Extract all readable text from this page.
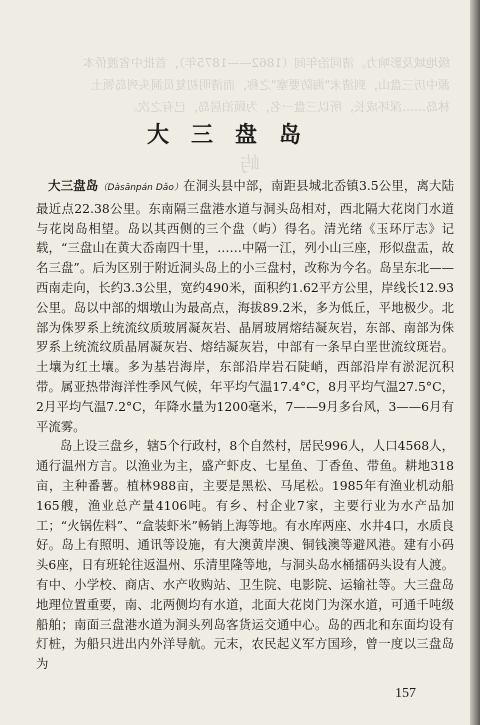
级地域及影响力。清同治年间（1862——1875年），首批中省渡侨本
源中历三盘山，到清末"海防要塞"之称，而清明初复员洞头列岛领土
林岛……深坏成长，所以三盘一名，为顾泊居岛，已有之次。
屿
大三盘岛

大三盘岛（Dàsānpán Dǎo）在洞头县中部，南距县城北岙镇3.5公里，离大陆最近点22.38公里。东南隔三盘港水道与洞头岛相对，西北隔大花岗门水道与花岗岛相望。岛以其西侧的三个盘（屿）得名。清光绪《玉环厅志》记载，“三盘山在黄大岙南四十里，……中隔一江，列小山三座，形似盘盂，故名三盘”。后为区别于附近洞头岛上的小三盘村，改称为今名。岛呈东北——西南走向，长约3.3公里，宽约490米，面积约1.62平方公里，岸线长12.93公里。岛以中部的烟墩山为最高点，海拔89.2米，多为低丘，平地极少。北部为侏罗系上统流纹质玻屑凝灰岩、晶屑玻屑熔结凝灰岩，东部、南部为侏罗系上统流纹质晶屑凝灰岩、熔结凝灰岩，中部有一条早白垩世流纹斑岩。土壤为红土壤。多为基岩海岸，东部沿岸岩石陡峭，西部沿岸有淤泥沉积带。属亚热带海洋性季风气候，年平均气温17.4°C，8月平均气温27.5°C，2月平均气温7.2°C，年降水量为1200毫米，7——9月多台风，3——6月有平流雾。

岛上设三盘乡，辖5个行政村，8个自然村，居民996人，人口4568人，通行温州方言。以渔业为主，盛产虾皮、七星鱼、丁香鱼、带鱼。耕地318亩，主种番薯。植林988亩，主要是黑松、马尾松。1985年有渔业机动船165艘，渔业总产量4106吨。有乡、村企业7家，主要行业为水产品加工；“火锅佐料”、“盒装虾米”畅销上海等地。有水库两座、水井4口，水质良好。岛上有照明、通讯等设施，有大澳黄岸澳、铜钱澳等避风港。建有小码头6座，日有班轮往返温州、乐清里隆等地，与洞头岛水桶擂码头设有人渡。有中、小学校、商店、水产收购站、卫生院、电影院、运输社等。大三盘岛地理位置重要，南、北两侧均有水道，北面大花岗门为深水道，可通千吨级船舶；南面三盘港水道为洞头列岛客货运交通中心。岛的西北和东面均设有灯桩，为船只进出内外洋导航。元末，农民起义军方国珍，曾一度以三盘岛为

157
